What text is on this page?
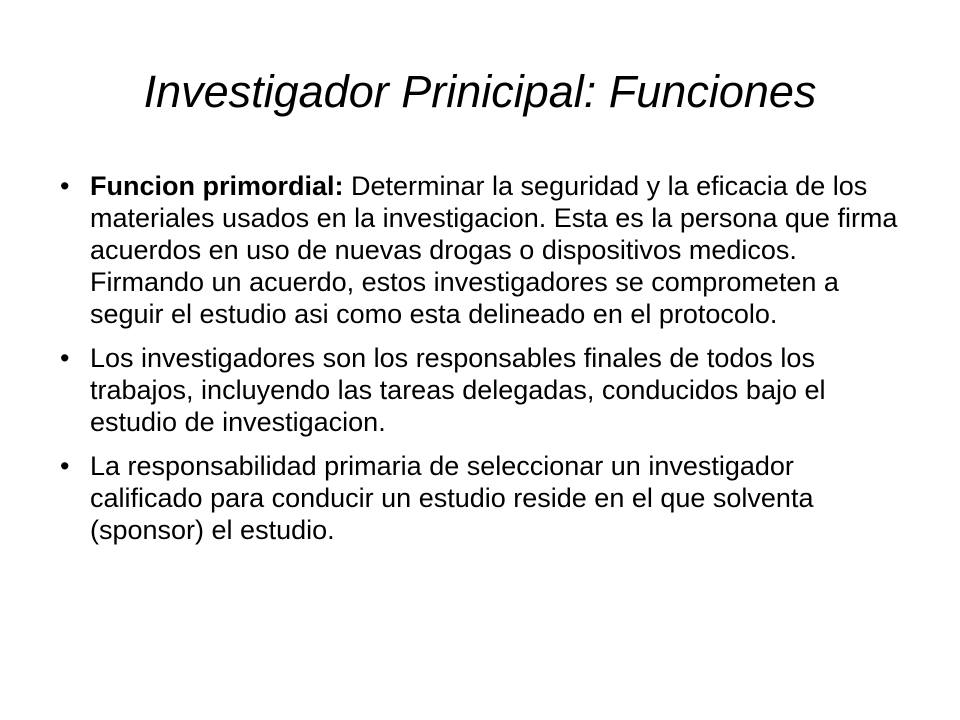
Investigador Prinicipal: Funciones
• Funcion primordial: Determinar la seguridad y la eficacia de los materiales usados en la investigacion. Esta es la persona que firma acuerdos en uso de nuevas drogas o dispositivos medicos. Firmando un acuerdo, estos investigadores se comprometen a seguir el estudio asi como esta delineado en el protocolo.
• Los investigadores son los responsables finales de todos los trabajos, incluyendo las tareas delegadas, conducidos bajo el estudio de investigacion.
• La responsabilidad primaria de seleccionar un investigador calificado para conducir un estudio reside en el que solventa (sponsor) el estudio.
